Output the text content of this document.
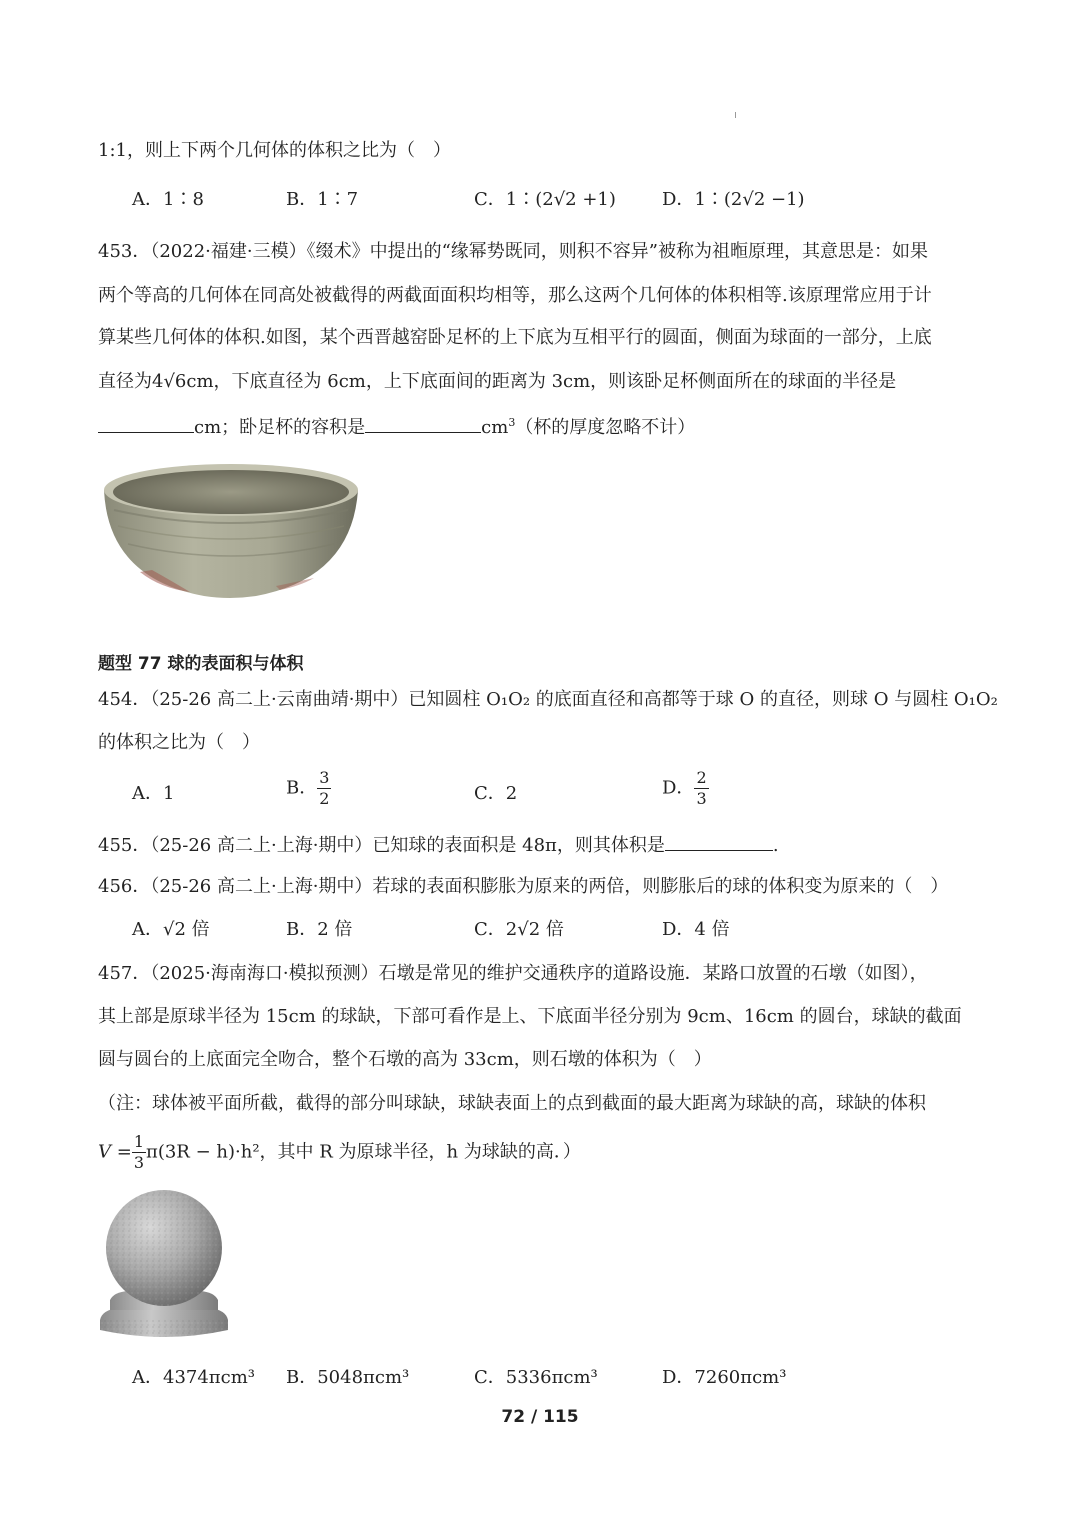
1:1，则上下两个几何体的体积之比为（　）
A．1∶8	B．1∶7	C．1∶(2√2 +1)	D．1∶(2√2 −1)
453．（2022·福建·三模）《缀术》中提出的“缘幂势既同，则积不容异”被称为祖暅原理，其意思是：如果
两个等高的几何体在同高处被截得的两截面面积均相等，那么这两个几何体的体积相等.该原理常应用于计
算某些几何体的体积.如图，某个西晋越窑卧足杯的上下底为互相平行的圆面，侧面为球面的一部分，上底
直径为4√6cm，下底直径为 6cm，上下底面间的距离为 3cm，则该卧足杯侧面所在的球面的半径是
cm；卧足杯的容积是	$cm^3$（杯的厚度忽略不计）
题型 77 球的表面积与体积
454．（25-26 高二上·云南曲靖·期中）已知圆柱 O₁O₂ 的底面直径和高都等于球 O 的直径，则球 O 与圆柱 O₁O₂
的体积之比为（　）
A．1	B． $\frac{3}{2}$	C．2	D． $\frac{2}{3}$
455．（25-26 高二上·上海·期中）已知球的表面积是 48π，则其体积是	.
456．（25-26 高二上·上海·期中）若球的表面积膨胀为原来的两倍，则膨胀后的球的体积变为原来的（　）
A．√2 倍	B．2 倍	C．2√2 倍	D．4 倍
457．（2025·海南海口·模拟预测）石墩是常见的维护交通秩序的道路设施．某路口放置的石墩（如图），
其上部是原球半径为 15cm 的球缺，下部可看作是上、下底面半径分别为 9cm、16cm 的圆台，球缺的截面
圆与圆台的上底面完全吻合，整个石墩的高为 33cm，则石墩的体积为（　）
（注：球体被平面所截，截得的部分叫球缺，球缺表面上的点到截面的最大距离为球缺的高，球缺的体积
$V = \frac{1}{3} \pi(3R - h)\cdot h^2$，其中 R 为原球半径，h 为球缺的高．）
A．4374πcm³ B．5048πcm³	C．5336πcm³	D．7260πcm³
72 / 115
